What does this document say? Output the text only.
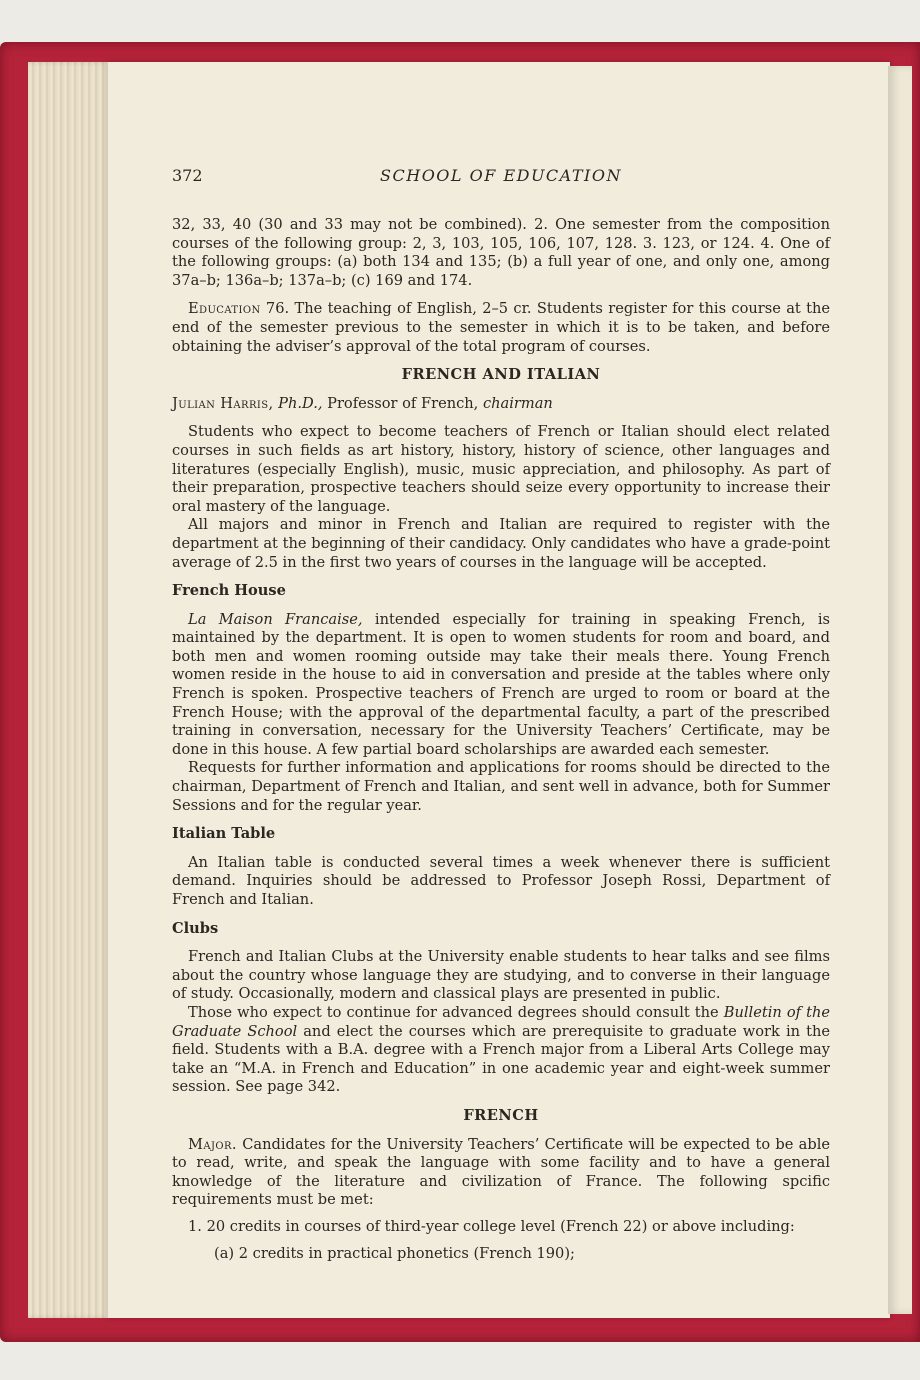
372	SCHOOL OF EDUCATION

32, 33, 40 (30 and 33 may not be combined). 2. One semester from the composition courses of the following group: 2, 3, 103, 105, 106, 107, 128. 3. 123, or 124. 4. One of the following groups: (a) both 134 and 135; (b) a full year of one, and only one, among 37a–b; 136a–b; 137a–b; (c) 169 and 174.

Education 76. The teaching of English, 2–5 cr. Students register for this course at the end of the semester previous to the semester in which it is to be taken, and before obtaining the adviser’s approval of the total program of courses.

FRENCH AND ITALIAN

Julian Harris, Ph.D., Professor of French, chairman

Students who expect to become teachers of French or Italian should elect related courses in such fields as art history, history, history of science, other languages and literatures (especially English), music, music appreciation, and philosophy. As part of their preparation, prospective teachers should seize every opportunity to increase their oral mastery of the language.

All majors and minor in French and Italian are required to register with the department at the beginning of their candidacy. Only candidates who have a grade-point average of 2.5 in the first two years of courses in the language will be accepted.

French House

La Maison Francaise, intended especially for training in speaking French, is maintained by the department. It is open to women students for room and board, and both men and women rooming outside may take their meals there. Young French women reside in the house to aid in conversation and preside at the tables where only French is spoken. Prospective teachers of French are urged to room or board at the French House; with the approval of the departmental faculty, a part of the prescribed training in conversation, necessary for the University Teachers’ Certificate, may be done in this house. A few partial board scholarships are awarded each semester.

Requests for further information and applications for rooms should be directed to the chairman, Department of French and Italian, and sent well in advance, both for Summer Sessions and for the regular year.

Italian Table

An Italian table is conducted several times a week whenever there is sufficient demand. Inquiries should be addressed to Professor Joseph Rossi, Department of French and Italian.

Clubs

French and Italian Clubs at the University enable students to hear talks and see films about the country whose language they are studying, and to converse in their language of study. Occasionally, modern and classical plays are presented in public.

Those who expect to continue for advanced degrees should consult the Bulletin of the Graduate School and elect the courses which are prerequisite to graduate work in the field. Students with a B.A. degree with a French major from a Liberal Arts College may take an “M.A. in French and Education” in one academic year and eight-week summer session. See page 342.

FRENCH

Major. Candidates for the University Teachers’ Certificate will be expected to be able to read, write, and speak the language with some facility and to have a general knowledge of the literature and civilization of France. The following spcific requirements must be met:

1. 20 credits in courses of third-year college level (French 22) or above including:

(a) 2 credits in practical phonetics (French 190);
